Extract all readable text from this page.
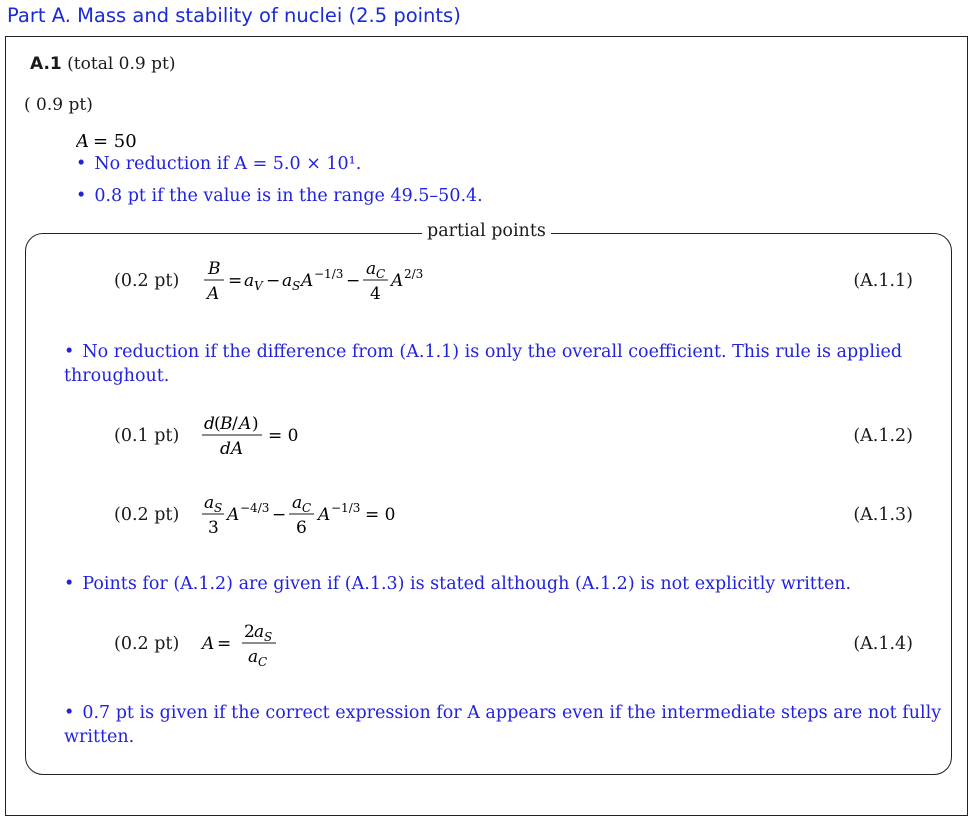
Part A. Mass and stability of nuclei (2.5 points)
A.1 (total 0.9 pt)
( 0.9 pt)
A = 50
• No reduction if A = 5.0 × 10¹.
• 0.8 pt if the value is in the range 49.5–50.4.
(0.2 pt)
B
A
= a V − a S A −1/3 −
a C
4
A 2/3	(A.1.1)
• No reduction if the difference from (A.1.1) is only the overall coefficient. This rule is applied throughout.
(0.1 pt)
d ( B / A )
dA
= 0	(A.1.2)
(0.2 pt)
a S
3
A −4/3 −
a C
6
A −1/3 = 0	(A.1.3)
• Points for (A.1.2) are given if (A.1.3) is stated although (A.1.2) is not explicitly written.
(0.2 pt) A =
2 a S
a C
(A.1.4)
• 0.7 pt is given if the correct expression for A appears even if the intermediate steps are not fully written.
partial points
